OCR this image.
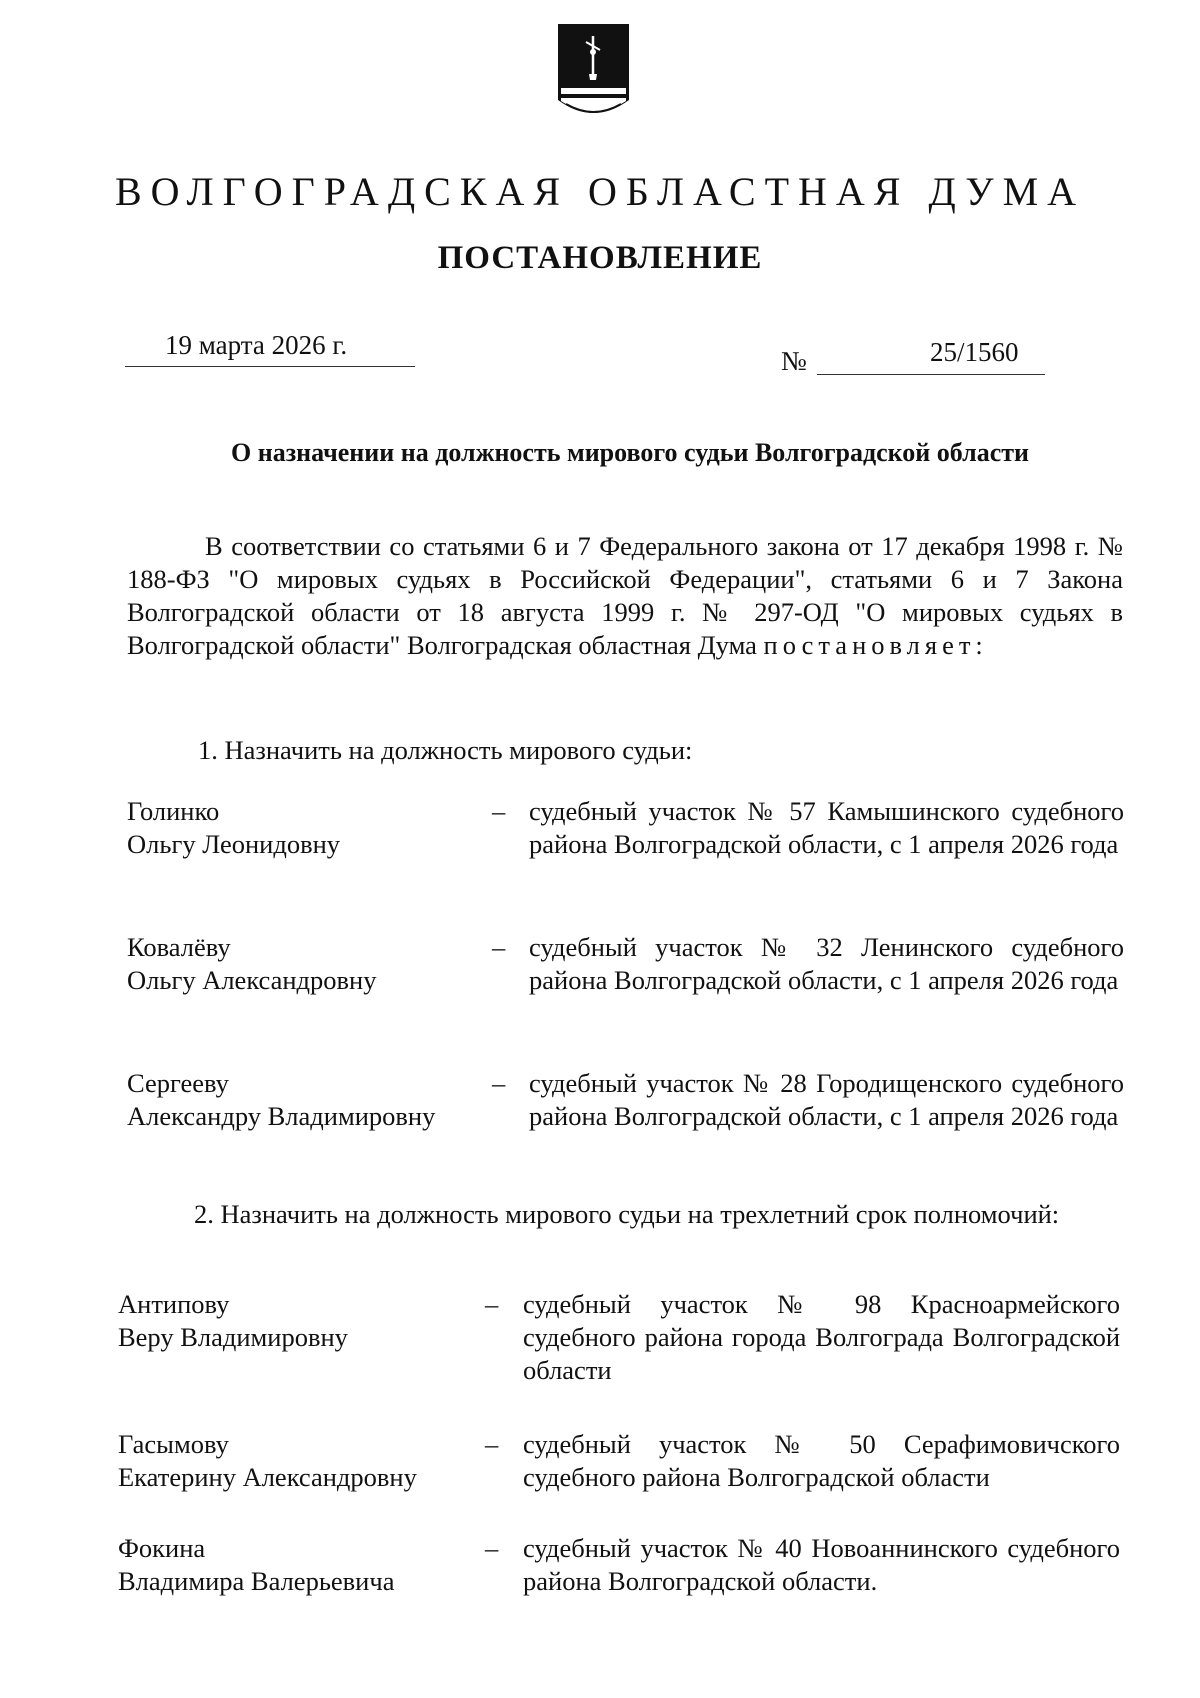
ВОЛГОГРАДСКАЯ ОБЛАСТНАЯ ДУМА
ПОСТАНОВЛЕНИЕ
19 марта 2026 г.
№	25/1560
О назначении на должность мирового судьи Волгоградской области
В соответствии со статьями 6 и 7 Федерального закона от 17 декабря 1998 г. № 188-ФЗ "О мировых судьях в Российской Федерации", статьями 6 и 7 Закона Волгоградской области от 18 августа 1999 г. № 297-ОД "О мировых судьях в Волгоградской области" Волгоградская областная Дума постановляет:
1. Назначить на должность мирового судьи:
Голинко
Ольгу Леонидовну
– судебный участок № 57 Камышинского судебного района Волгоградской области, с 1 апреля 2026 года
Ковалёву
Ольгу Александровну
– судебный участок № 32 Ленинского судебного района Волгоградской области, с 1 апреля 2026 года
Сергееву
Александру Владимировну
– судебный участок № 28 Городищенского судебного района Волгоградской области, с 1 апреля 2026 года
2. Назначить на должность мирового судьи на трехлетний срок полномочий:
Антипову
Веру Владимировну
– судебный участок № 98 Красноармейского судебного района города Волгограда Волгоградской области
Гасымову
Екатерину Александровну
– судебный участок № 50 Серафимовичского судебного района Волгоградской области
Фокина
Владимира Валерьевича
– судебный участок № 40 Новоаннинского судебного района Волгоградской области.
